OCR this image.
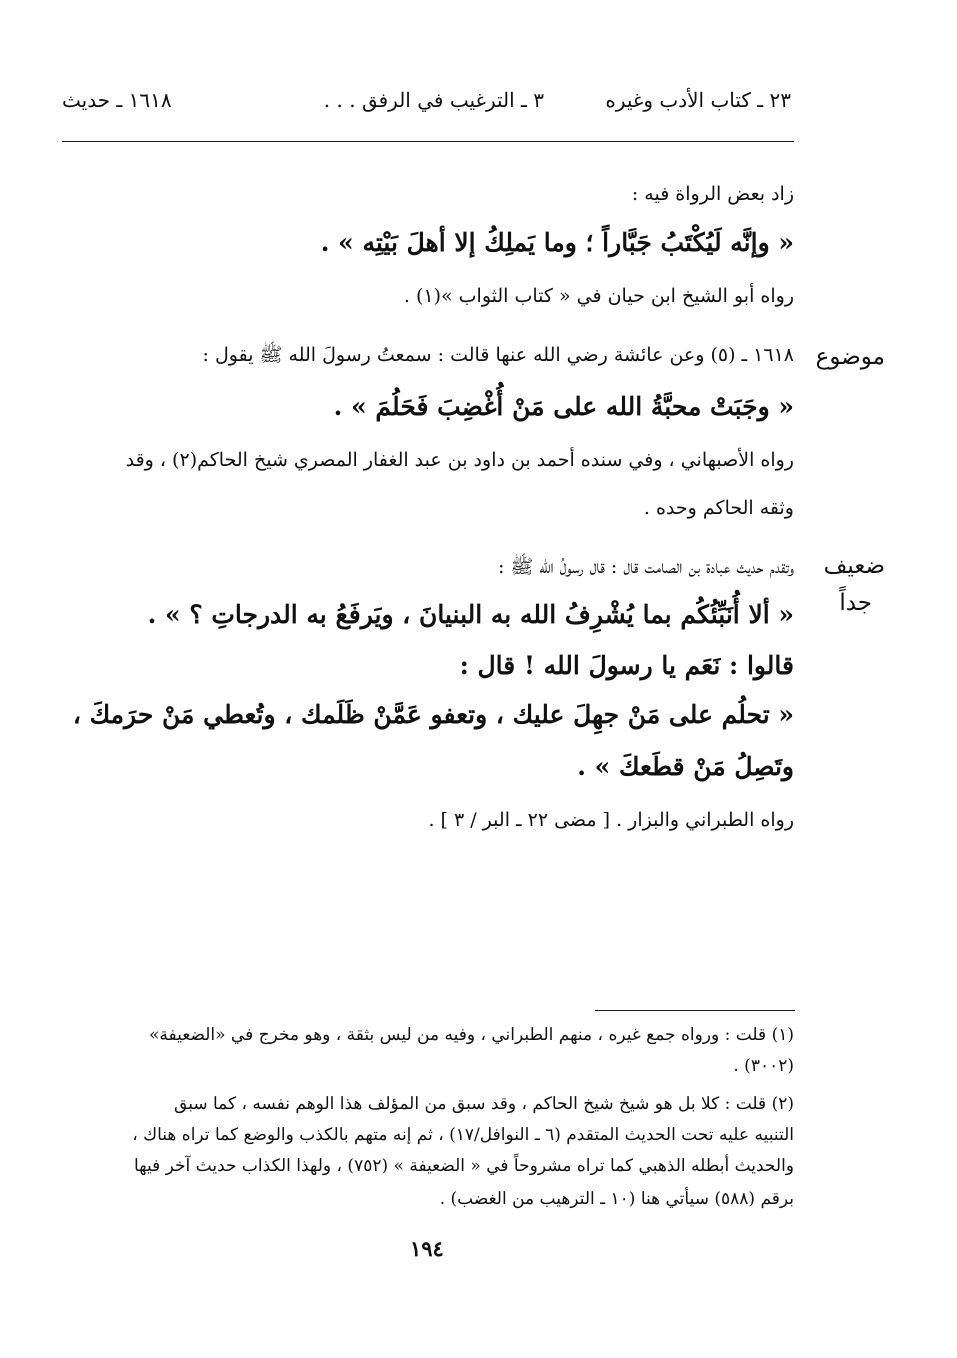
٢٣ ـ كتاب الأدب وغيره
٣ ـ الترغيب في الرفق . . .
١٦١٨ ـ حديث
زاد بعض الرواة فيه :
« وإنَّه لَيُكْتَبُ جَبَّاراً ؛ وما يَملِكُ إلا أهلَ بَيْتِه » .
رواه أبو الشيخ ابن حيان في « كتاب الثواب »(١) .
١٦١٨ ـ (٥) وعن عائشة رضي الله عنها قالت : سمعتُ رسولَ الله ﷺ يقول :
« وجَبَتْ محبَّةُ الله على مَنْ أُغْضِبَ فَحَلُمَ » .
رواه الأصبهاني ، وفي سنده أحمد بن داود بن عبد الغفار المصري شيخ الحاكم(٢) ، وقد
وثقه الحاكم وحده .
وتقدم حديث عبادة بن الصامت قال : قال رسولُ الله ﷺ :
« ألا أُنَبِّئُكُم بما يُشْرِفُ الله به البنيانَ ، ويَرفَعُ به الدرجاتِ ؟ » .
قالوا : نَعَم يا رسولَ الله ! قال :
« تحلُم على مَنْ جهِلَ عليك ، وتعفو عَمَّنْ ظَلَمك ، وتُعطي مَنْ حرَمكَ ،
وتَصِلُ مَنْ قطَعكَ » .
رواه الطبراني والبزار . [ مضى ٢٢ ـ البر / ٣ ] .
موضوع
ضعيف
جداً
(١) قلت : ورواه جمع غيره ، منهم الطبراني ، وفيه من ليس بثقة ، وهو مخرج في «الضعيفة»
(٣٠٠٢) .
(٢) قلت : كلا بل هو شيخ شيخ الحاكم ، وقد سبق من المؤلف هذا الوهم نفسه ، كما سبق
التنبيه عليه تحت الحديث المتقدم (٦ ـ النوافل/١٧) ، ثم إنه متهم بالكذب والوضع كما تراه هناك ،
والحديث أبطله الذهبي كما تراه مشروحاً في « الضعيفة » (٧٥٢) ، ولهذا الكذاب حديث آخر فيها
برقم (٥٨٨) سيأتي هنا (١٠ ـ الترهيب من الغضب) .
١٩٤
